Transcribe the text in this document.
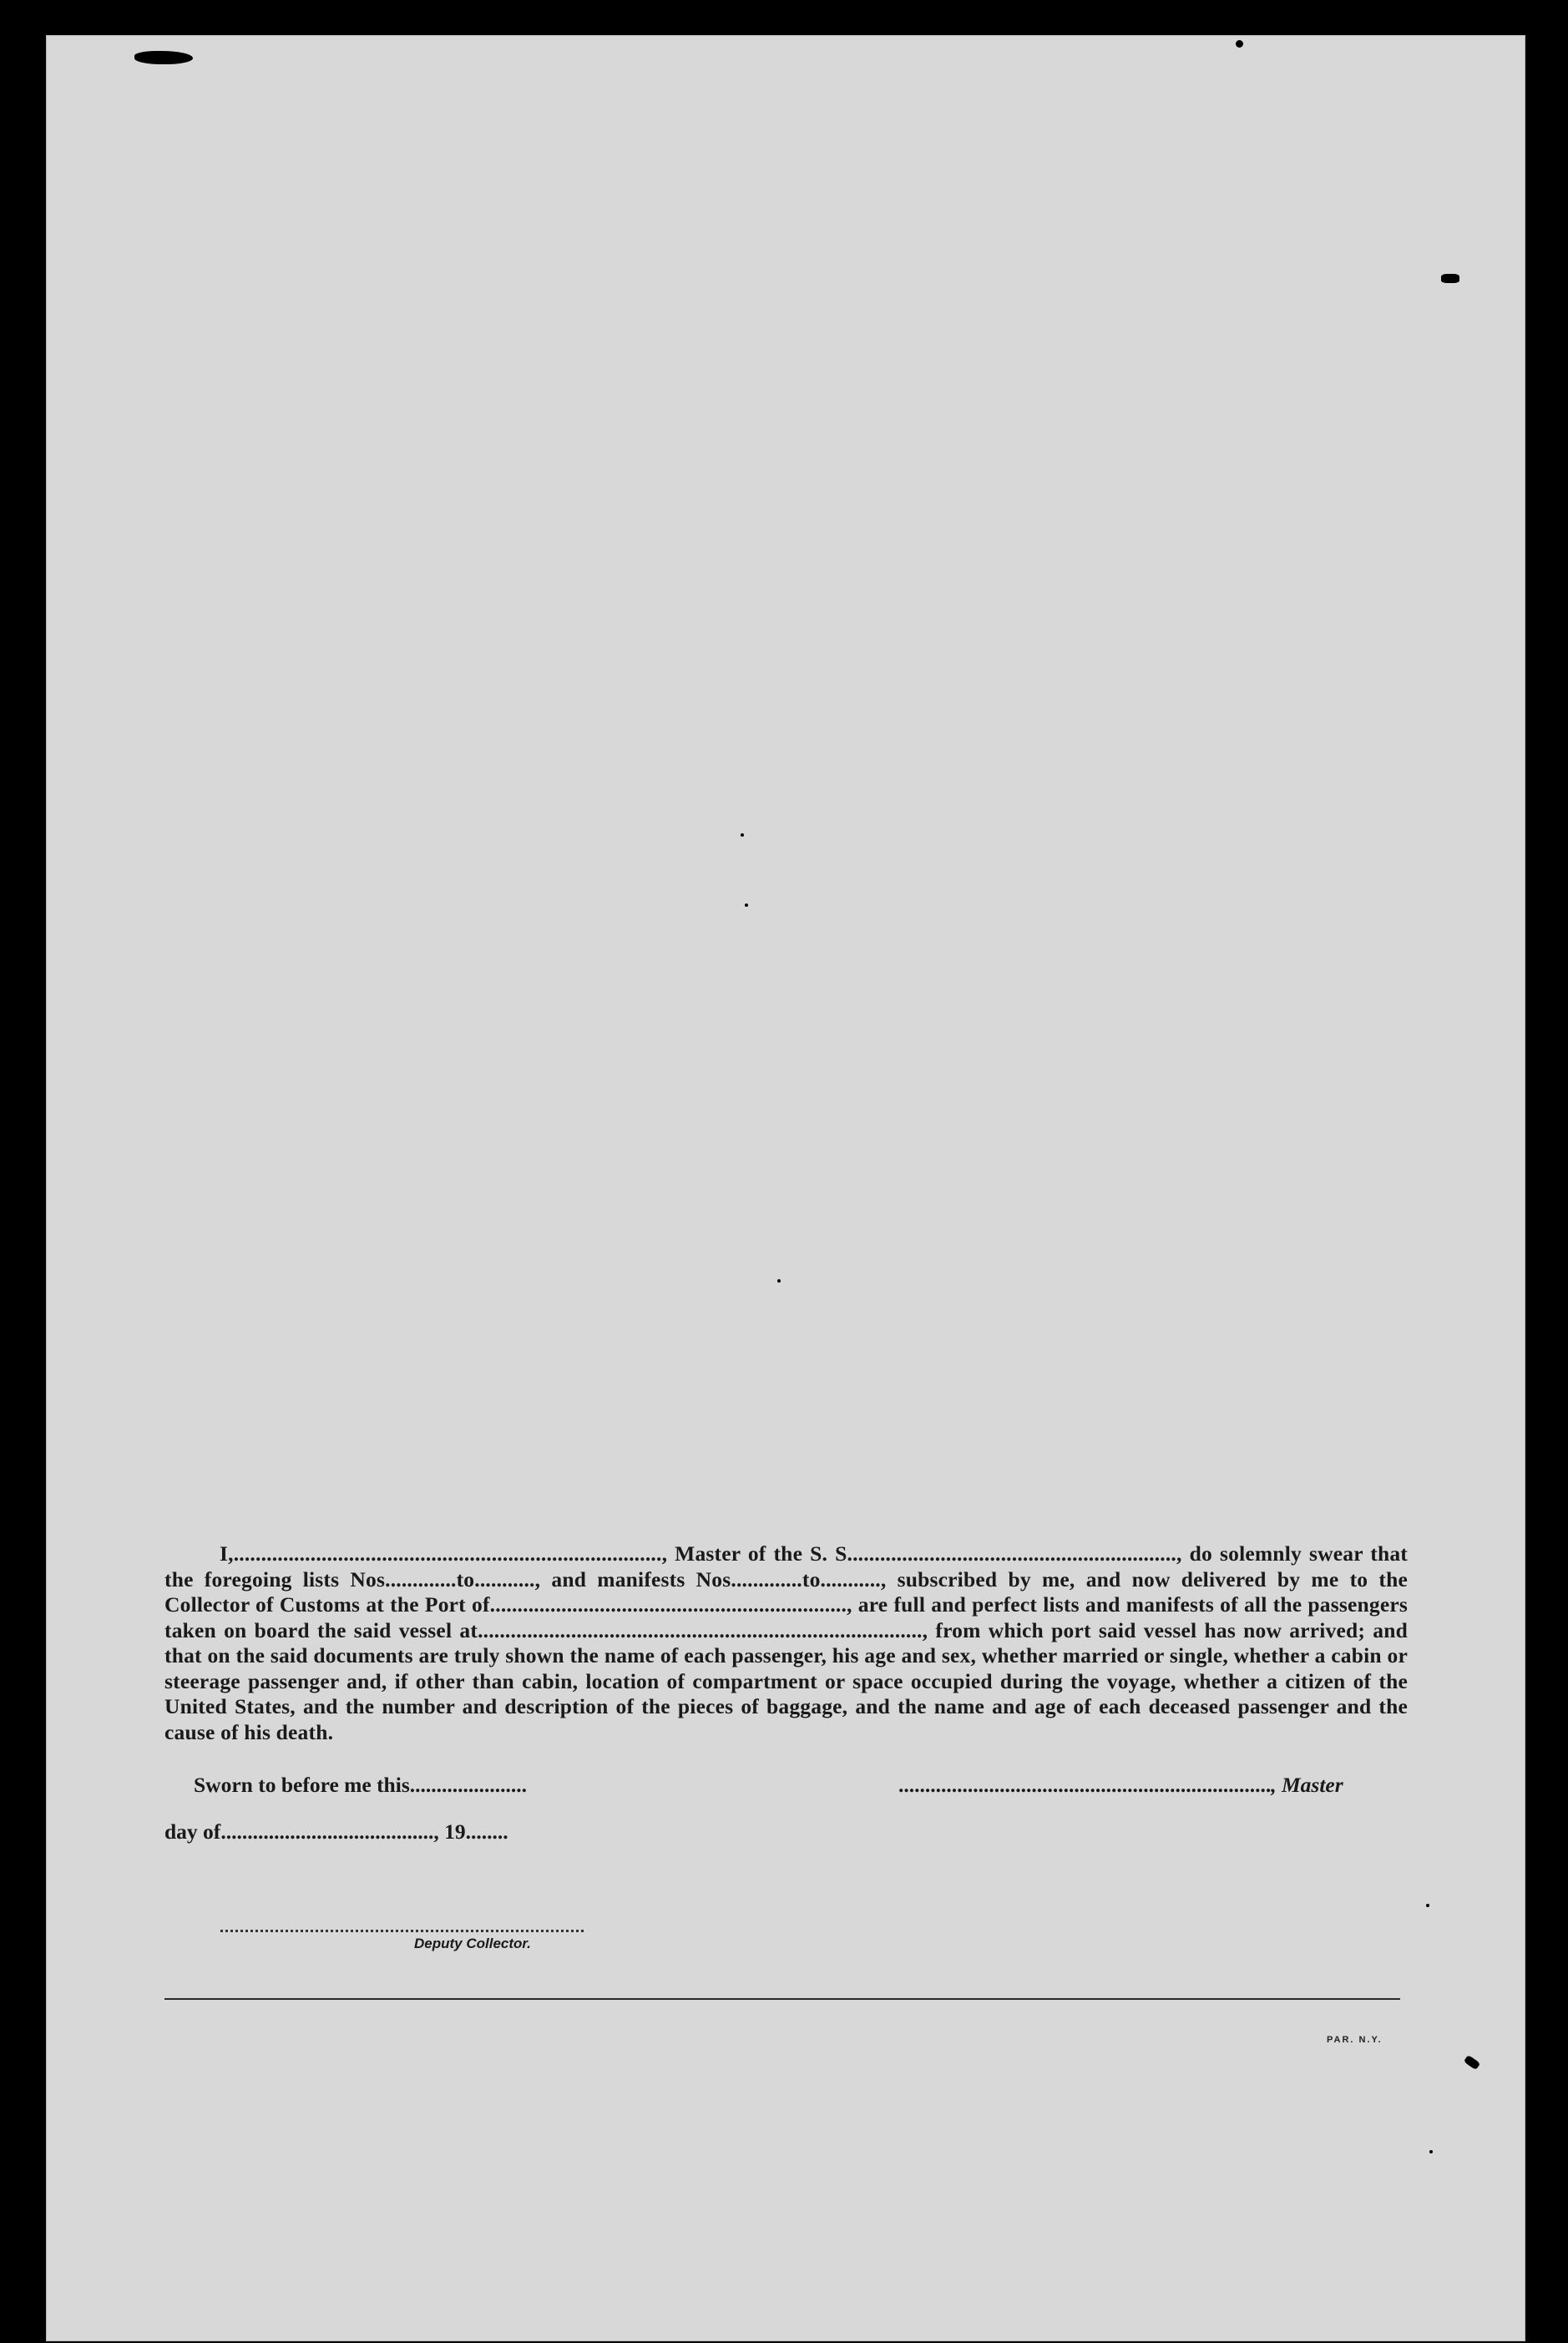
I,.............................................................................., Master of the S. S............................................................, do solemnly swear that the foregoing lists Nos.............to..........., and manifests Nos.............to..........., subscribed by me, and now delivered by me to the Collector of Customs at the Port of................................................................., are full and perfect lists and manifests of all the passengers taken on board the said vessel at................................................................................., from which port said vessel has now arrived; and that on the said documents are truly shown the name of each passenger, his age and sex, whether married or single, whether a cabin or steerage passenger and, if other than cabin, location of compartment or space occupied during the voyage, whether a citizen of the United States, and the number and description of the pieces of baggage, and the name and age of each deceased passenger and the cause of his death.
Sworn to before me this......................	......................................................................, Master
day of........................................, 19........
Deputy Collector.
PAR. N.Y.
